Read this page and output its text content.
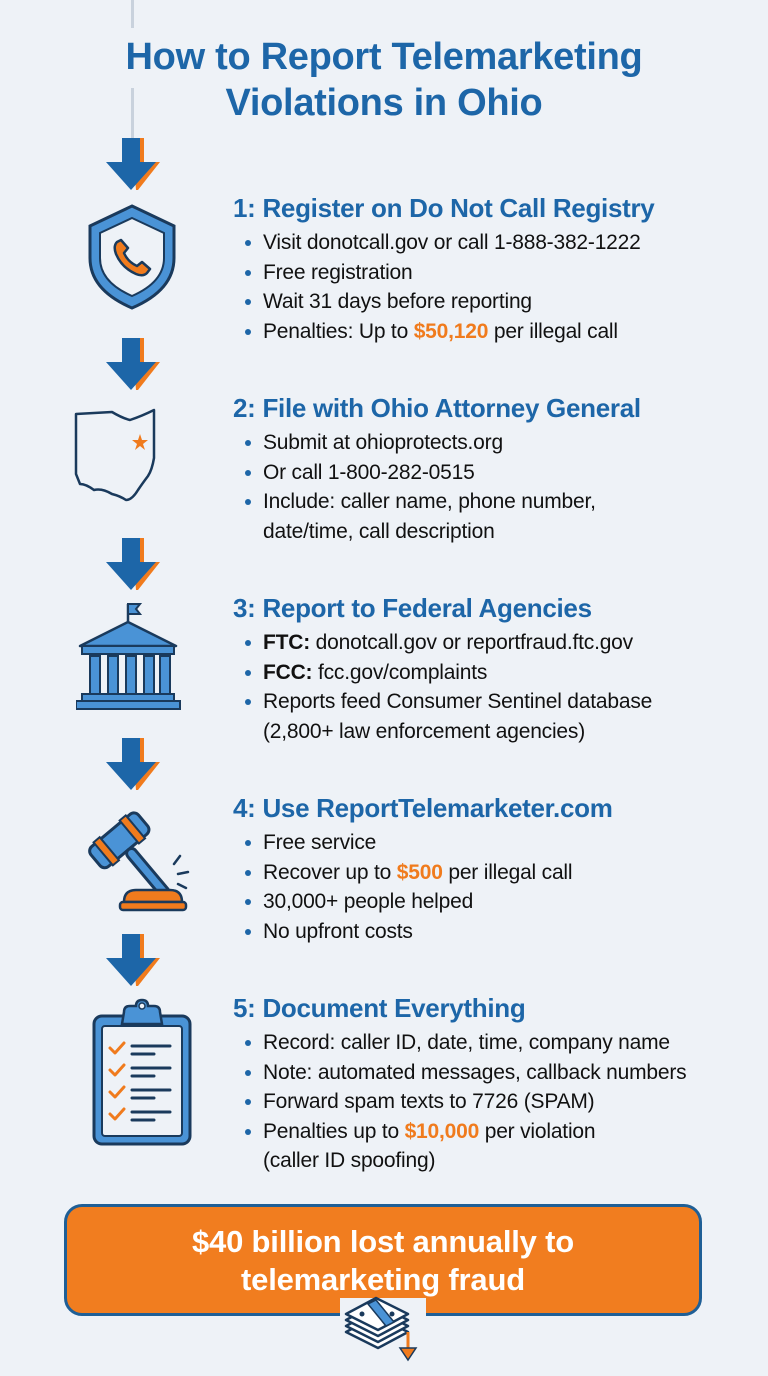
How to Report Telemarketing
Violations in Ohio
1: Register on Do Not Call Registry
Visit donotcall.gov or call 1-888-382-1222
Free registration
Wait 31 days before reporting
Penalties: Up to $50,120 per illegal call
2: File with Ohio Attorney General
Submit at ohioprotects.org
Or call 1-800-282-0515
Include: caller name, phone number,
date/time, call description
3: Report to Federal Agencies
FTC: donotcall.gov or reportfraud.ftc.gov
FCC: fcc.gov/complaints
Reports feed Consumer Sentinel database
(2,800+ law enforcement agencies)
4: Use ReportTelemarketer.com
Free service
Recover up to $500 per illegal call
30,000+ people helped
No upfront costs
5: Document Everything
Record: caller ID, date, time, company name
Note: automated messages, callback numbers
Forward spam texts to 7726 (SPAM)
Penalties up to $10,000 per violation
(caller ID spoofing)
$40 billion lost annually to
telemarketing fraud
